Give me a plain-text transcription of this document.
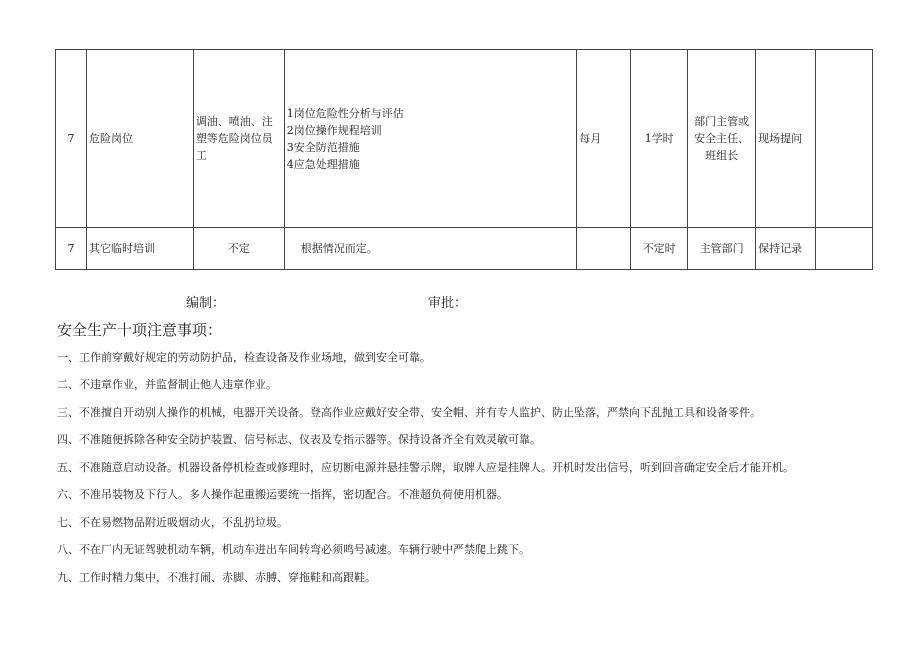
7	危险岗位	调油、喷油、注塑等危险岗位员工	1岗位危险性分析与评估
2岗位操作规程培训
3安全防范措施
4应急处理措施	每月	1学时	部门主管或安全主任、班组长	现场提问	
7	其它临时培训	不定	根据情况而定。		不定时	主管部门	保持记录	
编制：	审批：
安全生产十项注意事项：
一、工作前穿戴好规定的劳动防护品，检查设备及作业场地，做到安全可靠。
二、不违章作业，并监督制止他人违章作业。
三、不准擅自开动别人操作的机械，电器开关设备。登高作业应戴好安全带、安全帽、并有专人监护、防止坠落，严禁向下乱抛工具和设备零件。
四、不准随便拆除各种安全防护装置、信号标志、仪表及专指示器等。保持设备齐全有效灵敏可靠。
五、不准随意启动设备。机器设备停机检查或修理时，应切断电源并悬挂警示牌，取牌人应是挂牌人。开机时发出信号，听到回音确定安全后才能开机。
六、不准吊装物及下行人。多人操作起重搬运要统一指挥，密切配合。不准超负荷使用机器。
七、不在易燃物品附近吸烟动火，不乱扔垃圾。
八、不在厂内无证驾驶机动车辆，机动车进出车间转弯必须鸣号减速。车辆行驶中严禁爬上跳下。
九、工作时精力集中，不准打闹、赤脚、赤膊、穿拖鞋和高跟鞋。
